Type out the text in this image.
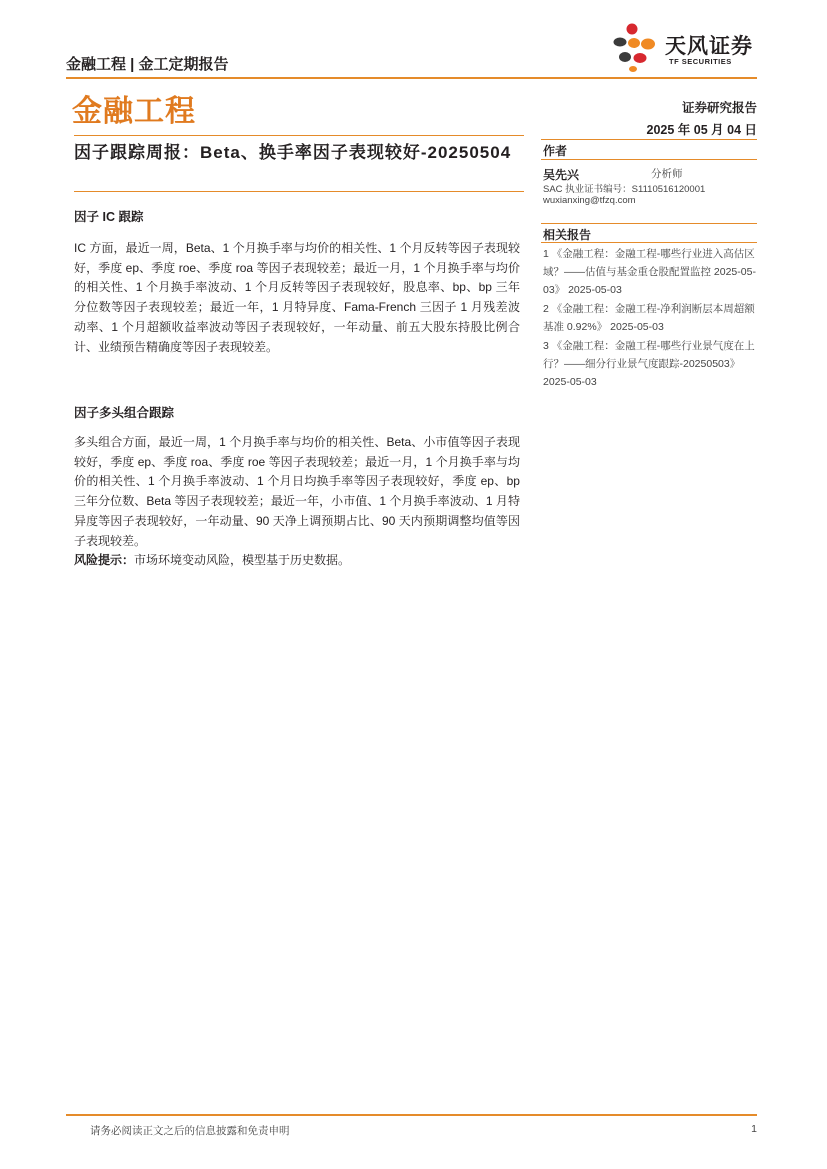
金融工程 | 金工定期报告
天风证券
TF SECURITIES
金融工程	证券研究报告
2025 年 05 月 04 日
因子跟踪周报：Beta、换手率因子表现较好-20250504
因子 IC 跟踪
IC 方面，最近一周，Beta、1 个月换手率与均价的相关性、1 个月反转等因子表现较好，季度 ep、季度 roe、季度 roa 等因子表现较差；最近一月，1 个月换手率与均价的相关性、1 个月换手率波动、1 个月反转等因子表现较好，股息率、bp、bp 三年分位数等因子表现较差；最近一年，1 月特异度、Fama-French 三因子 1 月残差波动率、1 个月超额收益率波动等因子表现较好，一年动量、前五大股东持股比例合计、业绩预告精确度等因子表现较差。
因子多头组合跟踪
多头组合方面，最近一周，1 个月换手率与均价的相关性、Beta、小市值等因子表现较好，季度 ep、季度 roa、季度 roe 等因子表现较差；最近一月，1 个月换手率与均价的相关性、1 个月换手率波动、1 个月日均换手率等因子表现较好，季度 ep、bp 三年分位数、Beta 等因子表现较差；最近一年，小市值、1 个月换手率波动、1 月特异度等因子表现较好，一年动量、90 天净上调预期占比、90 天内预期调整均值等因子表现较差。
风险提示：市场环境变动风险，模型基于历史数据。
作者
吴先兴	分析师
SAC 执业证书编号：S1110516120001
wuxianxing@tfzq.com
相关报告
1 《金融工程：金融工程-哪些行业进入高估区域？——估值与基金重仓股配置监控 2025-05-03》 2025-05-03
2 《金融工程：金融工程-净利润断层本周超额基准 0.92%》 2025-05-03
3 《金融工程：金融工程-哪些行业景气度在上行？——细分行业景气度跟踪-20250503》 2025-05-03
请务必阅读正文之后的信息披露和免责申明	1
